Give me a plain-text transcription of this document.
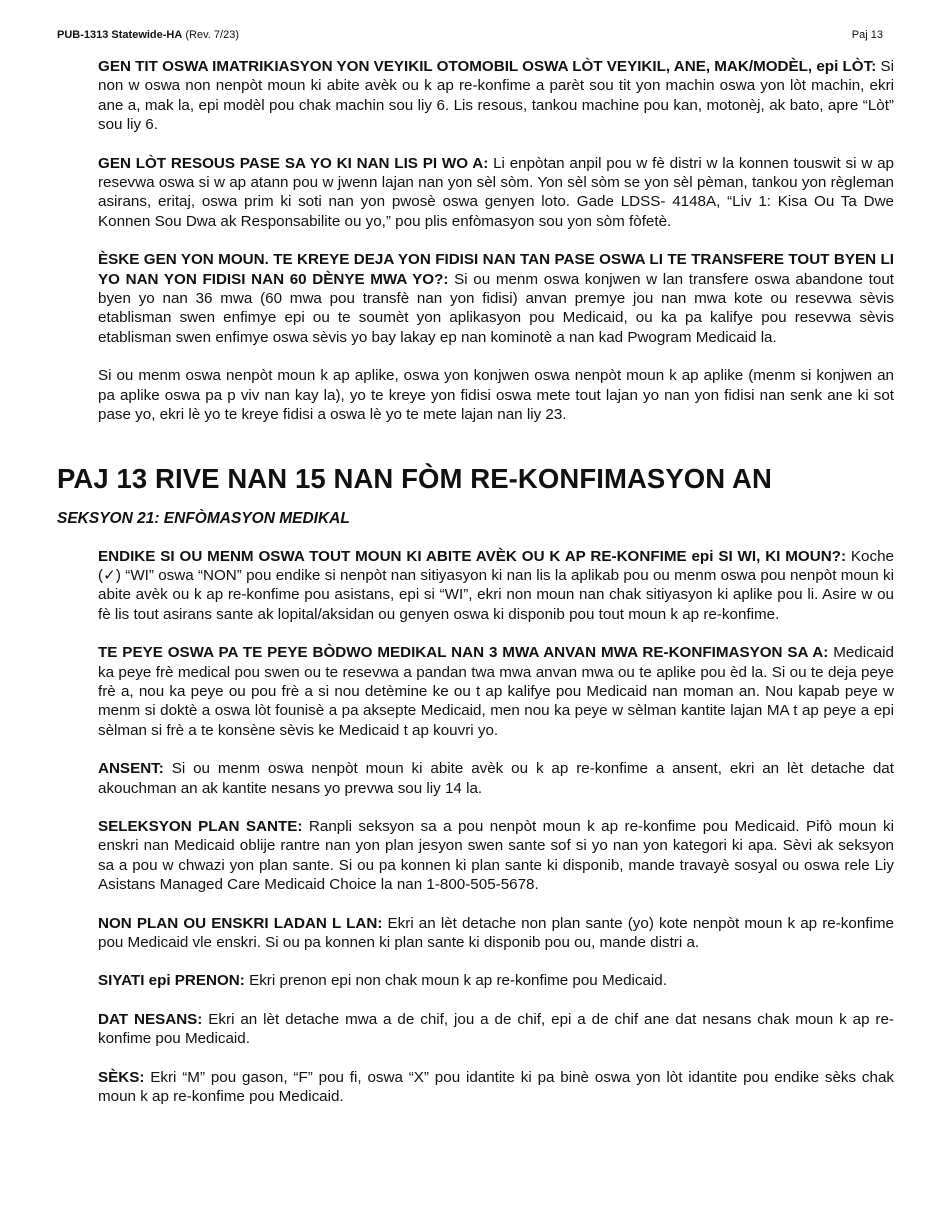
PUB-1313 Statewide-HA (Rev. 7/23)	Paj 13

GEN TIT OSWA IMATRIKIASYON YON VEYIKIL OTOMOBIL OSWA LÒT VEYIKIL, ANE, MAK/MODÈL, epi LÒT: Si non w oswa non nenpòt moun ki abite avèk ou k ap re-konfime a parèt sou tit yon machin oswa yon lòt machin, ekri ane a, mak la, epi modèl pou chak machin sou liy 6. Lis resous, tankou machine pou kan, motonèj, ak bato, apre “Lòt” sou liy 6.

GEN LÒT RESOUS PASE SA YO KI NAN LIS PI WO A: Li enpòtan anpil pou w fè distri w la konnen touswit si w ap resevwa oswa si w ap atann pou w jwenn lajan nan yon sèl sòm. Yon sèl sòm se yon sèl pèman, tankou yon règleman asirans, eritaj, oswa prim ki soti nan yon pwosè oswa genyen loto. Gade LDSS- 4148A, “Liv 1: Kisa Ou Ta Dwe Konnen Sou Dwa ak Responsabilite ou yo,” pou plis enfòmasyon sou yon sòm fòfetè.

ÈSKE GEN YON MOUN. TE KREYE DEJA YON FIDISI NAN TAN PASE OSWA LI TE TRANSFERE TOUT BYEN LI YO NAN YON FIDISI NAN 60 DÈNYE MWA YO?: Si ou menm oswa konjwen w lan transfere oswa abandone tout byen yo nan 36 mwa (60 mwa pou transfè nan yon fidisi) anvan premye jou nan mwa kote ou resevwa sèvis etablisman swen enfimye epi ou te soumèt yon aplikasyon pou Medicaid, ou ka pa kalifye pou resevwa sèvis etablisman swen enfimye oswa sèvis yo bay lakay ep nan kominotè a nan kad Pwogram Medicaid la.

Si ou menm oswa nenpòt moun k ap aplike, oswa yon konjwen oswa nenpòt moun k ap aplike (menm si konjwen an pa aplike oswa pa p viv nan kay la), yo te kreye yon fidisi oswa mete tout lajan yo nan yon fidisi nan senk ane ki sot pase yo, ekri lè yo te kreye fidisi a oswa lè yo te mete lajan nan liy 23.

PAJ 13 RIVE NAN 15 NAN FÒM RE-KONFIMASYON AN
SEKSYON 21: ENFÒMASYON MEDIKAL

ENDIKE SI OU MENM OSWA TOUT MOUN KI ABITE AVÈK OU K AP RE-KONFIME epi SI WI, KI MOUN?: Koche (✓) “WI” oswa “NON” pou endike si nenpòt nan sitiyasyon ki nan lis la aplikab pou ou menm oswa pou nenpòt moun ki abite avèk ou k ap re-konfime pou asistans, epi si “WI”, ekri non moun nan chak sitiyasyon ki aplike pou li. Asire w ou fè lis tout asirans sante ak lopital/aksidan ou genyen oswa ki disponib pou tout moun k ap re-konfime.

TE PEYE OSWA PA TE PEYE BÒDWO MEDIKAL NAN 3 MWA ANVAN MWA RE-KONFIMASYON SA A: Medicaid ka peye frè medical pou swen ou te resevwa a pandan twa mwa anvan mwa ou te aplike pou èd la. Si ou te deja peye frè a, nou ka peye ou pou frè a si nou detèmine ke ou t ap kalifye pou Medicaid nan moman an. Nou kapab peye w menm si doktè a oswa lòt founisè a pa aksepte Medicaid, men nou ka peye w sèlman kantite lajan MA t ap peye a epi sèlman si frè a te konsène sèvis ke Medicaid t ap kouvri yo.

ANSENT: Si ou menm oswa nenpòt moun ki abite avèk ou k ap re-konfime a ansent, ekri an lèt detache dat akouchman an ak kantite nesans yo prevwa sou liy 14 la.

SELEKSYON PLAN SANTE: Ranpli seksyon sa a pou nenpòt moun k ap re-konfime pou Medicaid. Pifò moun ki enskri nan Medicaid oblije rantre nan yon plan jesyon swen sante sof si yo nan yon kategori ki apa. Sèvi ak seksyon sa a pou w chwazi yon plan sante. Si ou pa konnen ki plan sante ki disponib, mande travayè sosyal ou oswa rele Liy Asistans Managed Care Medicaid Choice la nan 1-800-505-5678.

NON PLAN OU ENSKRI LADAN L LAN: Ekri an lèt detache non plan sante (yo) kote nenpòt moun k ap re-konfime pou Medicaid vle enskri. Si ou pa konnen ki plan sante ki disponib pou ou, mande distri a.

SIYATI epi PRENON: Ekri prenon epi non chak moun k ap re-konfime pou Medicaid.

DAT NESANS: Ekri an lèt detache mwa a de chif, jou a de chif, epi a de chif ane dat nesans chak moun k ap re-konfime pou Medicaid.

SÈKS: Ekri “M” pou gason, “F” pou fi, oswa “X” pou idantite ki pa binè oswa yon lòt idantite pou endike sèks chak moun k ap re-konfime pou Medicaid.
